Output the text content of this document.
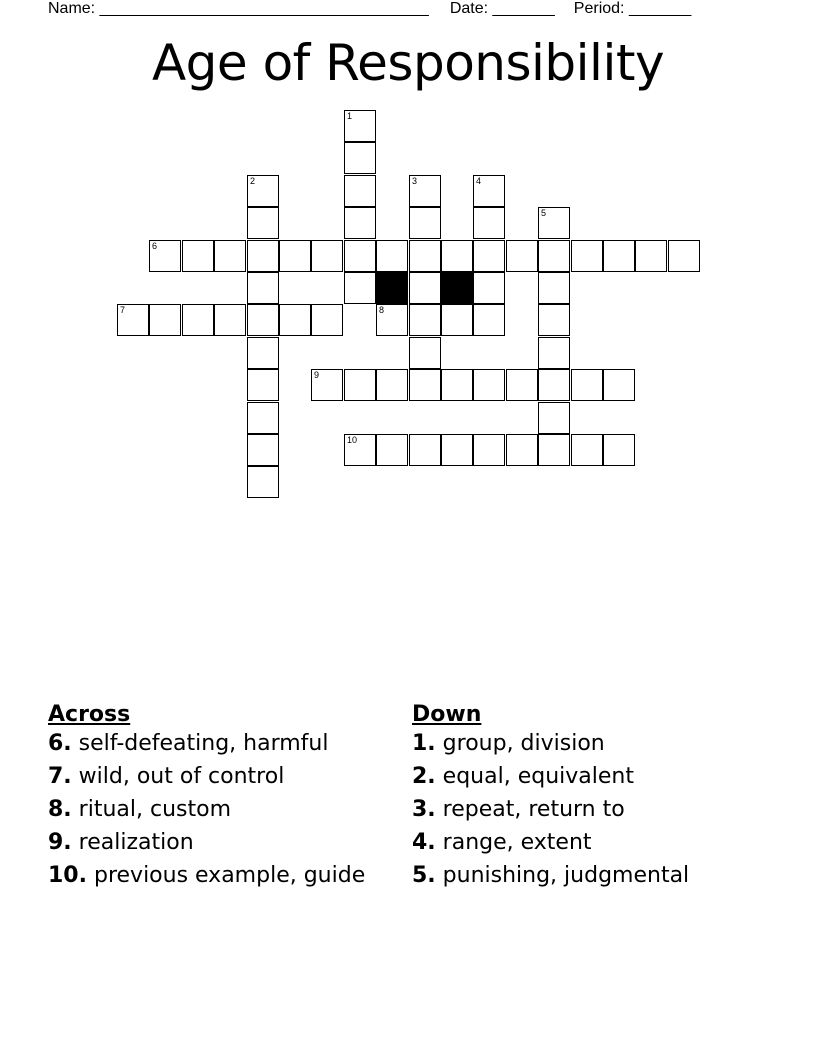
Name: _____________________________________ Date: _______ Period: _______
Age of Responsibility
6
7	8
9
10
1
2	3	4
5
Across
6. self-defeating, harmful
7. wild, out of control
8. ritual, custom
9. realization
10. previous example, guide
Down
1. group, division
2. equal, equivalent
3. repeat, return to
4. range, extent
5. punishing, judgmental
